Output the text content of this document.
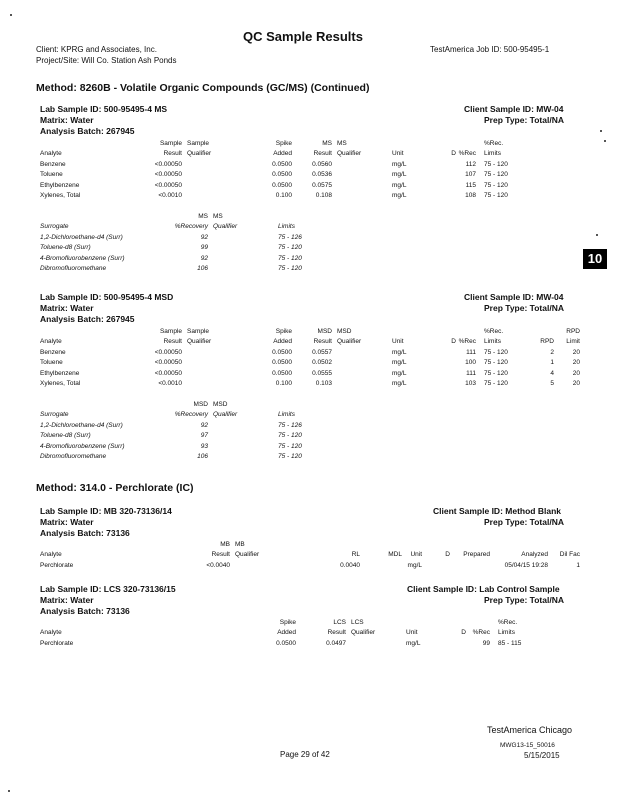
QC Sample Results
Client: KPRG and Associates, Inc.
Project/Site: Will Co. Station Ash Ponds
TestAmerica Job ID: 500-95495-1
Method: 8260B - Volatile Organic Compounds (GC/MS) (Continued)
Lab Sample ID: 500-95495-4 MS
Matrix: Water
Analysis Batch: 267945
Client Sample ID: MW-04
Prep Type: Total/NA
	Sample	Sample	Spike	MS	MS				%Rec.
Analyte	Result	Qualifier	Added	Result	Qualifier	Unit	D	%Rec	Limits
Benzene	<0.00050		0.0500	0.0560		mg/L		112	75 - 120
Toluene	<0.00050		0.0500	0.0536		mg/L		107	75 - 120
Ethylbenzene	<0.00050		0.0500	0.0575		mg/L		115	75 - 120
Xylenes, Total	<0.0010		0.100	0.108		mg/L		108	75 - 120
	MS	MS	
Surrogate	%Recovery	Qualifier	Limits
1,2-Dichloroethane-d4 (Surr)	92		75 - 126
Toluene-d8 (Surr)	99		75 - 120
4-Bromofluorobenzene (Surr)	92		75 - 120
Dibromofluoromethane	106		75 - 120
Lab Sample ID: 500-95495-4 MSD
Matrix: Water
Analysis Batch: 267945
Client Sample ID: MW-04
Prep Type: Total/NA
	Sample	Sample	Spike	MSD	MSD				%Rec.		RPD
Analyte	Result	Qualifier	Added	Result	Qualifier	Unit	D	%Rec	Limits	RPD	Limit
Benzene	<0.00050		0.0500	0.0557		mg/L		111	75 - 120	2	20
Toluene	<0.00050		0.0500	0.0502		mg/L		100	75 - 120	1	20
Ethylbenzene	<0.00050		0.0500	0.0555		mg/L		111	75 - 120	4	20
Xylenes, Total	<0.0010		0.100	0.103		mg/L		103	75 - 120	5	20
	MSD	MSD	
Surrogate	%Recovery	Qualifier	Limits
1,2-Dichloroethane-d4 (Surr)	92		75 - 126
Toluene-d8 (Surr)	97		75 - 120
4-Bromofluorobenzene (Surr)	93		75 - 120
Dibromofluoromethane	106		75 - 120
Method: 314.0 - Perchlorate (IC)
Lab Sample ID: MB 320-73136/14
Matrix: Water
Analysis Batch: 73136
Client Sample ID: Method Blank
Prep Type: Total/NA
	MB	MB							
Analyte	Result	Qualifier	RL	MDL	Unit	D	Prepared	Analyzed	Dil Fac
Perchlorate	<0.0040		0.0040		mg/L			05/04/15 19:28	1
Lab Sample ID: LCS 320-73136/15
Matrix: Water
Analysis Batch: 73136
Client Sample ID: Lab Control Sample
Prep Type: Total/NA
	Spike	LCS	LCS				%Rec.
Analyte	Added	Result	Qualifier	Unit	D	%Rec	Limits
Perchlorate	0.0500	0.0497		mg/L		99	85 - 115
10
TestAmerica Chicago
MWG13-15_50016
Page 29 of 42	5/15/2015
